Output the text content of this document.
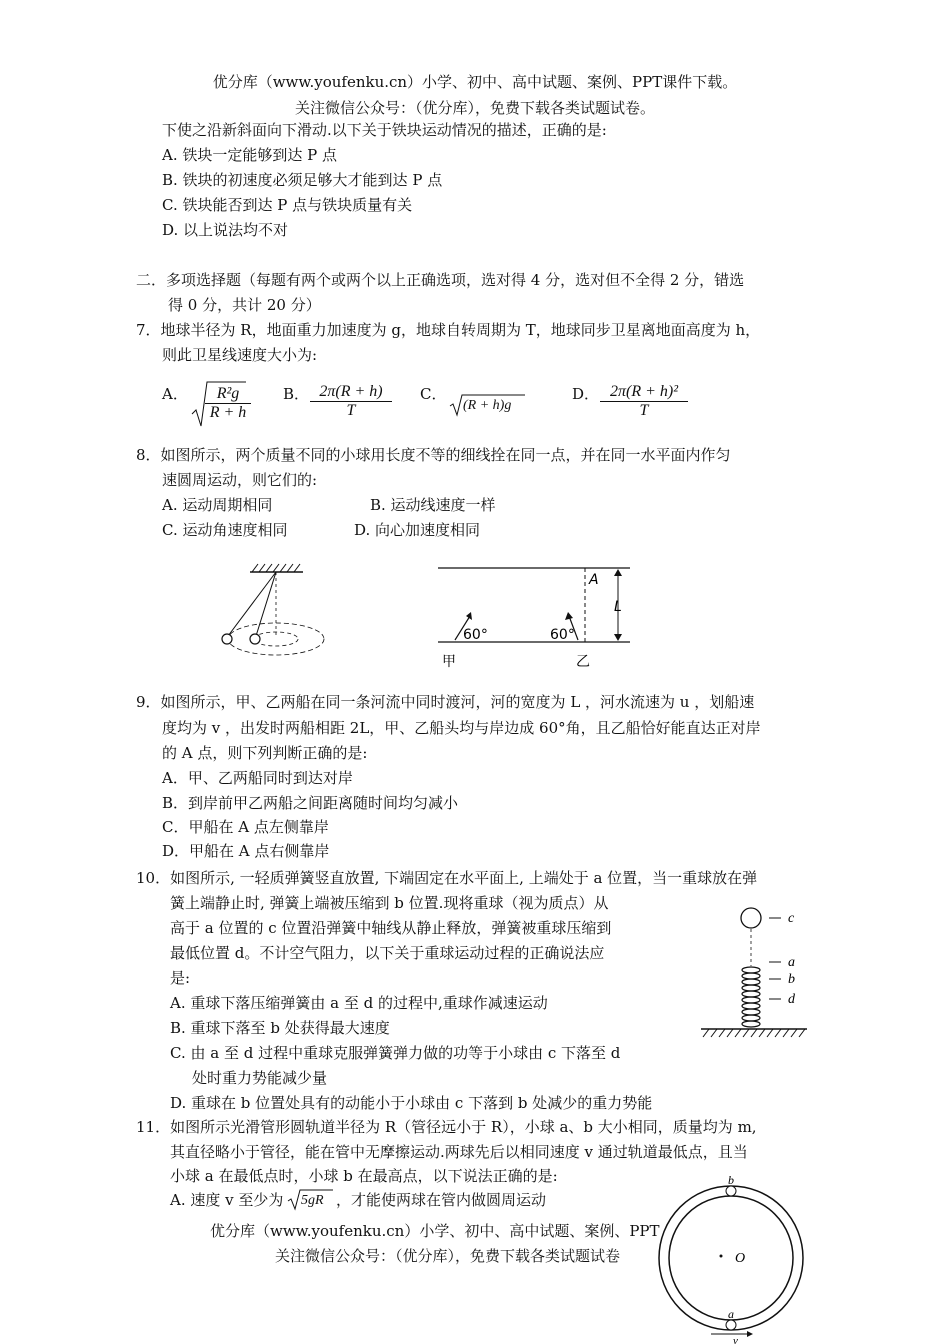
优分库（www.youfenku.cn）小学、初中、高中试题、案例、PPT课件下载。
关注微信公众号：（优分库），免费下载各类试题试卷。
下使之沿新斜面向下滑动.以下关于铁块运动情况的描述，正确的是:
A. 铁块一定能够到达 P 点
B. 铁块的初速度必须足够大才能到达 P 点
C. 铁块能否到达 P 点与铁块质量有关
D. 以上说法均不对
二．多项选择题（每题有两个或两个以上正确选项，选对得 4 分，选对但不全得 2 分，错选
得 0 分，共计 20 分）
7．地球半径为 R，地面重力加速度为 g，地球自转周期为 T，地球同步卫星离地面高度为 h，
则此卫星线速度大小为:
A． $\frac{\text{R²g}}{R + h}$ B． $\frac{2\pi(R + h)}{T}$ C．
(R + h)g
D． $\frac{\text{2π(R + h)²}}{T}$
8．如图所示，两个质量不同的小球用长度不等的细线拴在同一点，并在同一水平面内作匀
速圆周运动，则它们的:
A. 运动周期相同	B. 运动线速度一样
C. 运动角速度相同	D. 向心加速度相同
60°	60°
A
L
甲	乙
9．如图所示，甲、乙两船在同一条河流中同时渡河，河的宽度为 L ，河水流速为 u ，划船速
度均为 v ，出发时两船相距 2L，甲、乙船头均与岸边成 60°角，且乙船恰好能直达正对岸
的 A 点，则下列判断正确的是:
A．甲、乙两船同时到达对岸
B．到岸前甲乙两船之间距离随时间均匀减小
C．甲船在 A 点左侧靠岸
D．甲船在 A 点右侧靠岸
10．如图所示, 一轻质弹簧竖直放置, 下端固定在水平面上, 上端处于 a 位置，当一重球放在弹
簧上端静止时, 弹簧上端被压缩到 b 位置.现将重球（视为质点）从
高于 a 位置的 c 位置沿弹簧中轴线从静止释放，弹簧被重球压缩到
最低位置 d。不计空气阻力，以下关于重球运动过程的正确说法应
是:
A. 重球下落压缩弹簧由 a 至 d 的过程中,重球作减速运动
B. 重球下落至 b 处获得最大速度
C. 由 a 至 d 过程中重球克服弹簧弹力做的功等于小球由 c 下落至 d
处时重力势能减少量
D. 重球在 b 位置处具有的动能小于小球由 c 下落到 b 处减少的重力势能
c
a
b
d
11．如图所示光滑管形圆轨道半径为 R（管径远小于 R），小球 a、b 大小相同，质量均为 m,
其直径略小于管径，能在管中无摩擦运动.两球先后以相同速度 v 通过轨道最低点，且当
小球 a 在最低点时，小球 b 在最高点，以下说法正确的是:
A. 速度 v 至少为 5gR ，才能使两球在管内做圆周运动
b
O
a
v
优分库（www.youfenku.cn）小学、初中、高中试题、案例、PPT
关注微信公众号：（优分库），免费下载各类试题试卷
